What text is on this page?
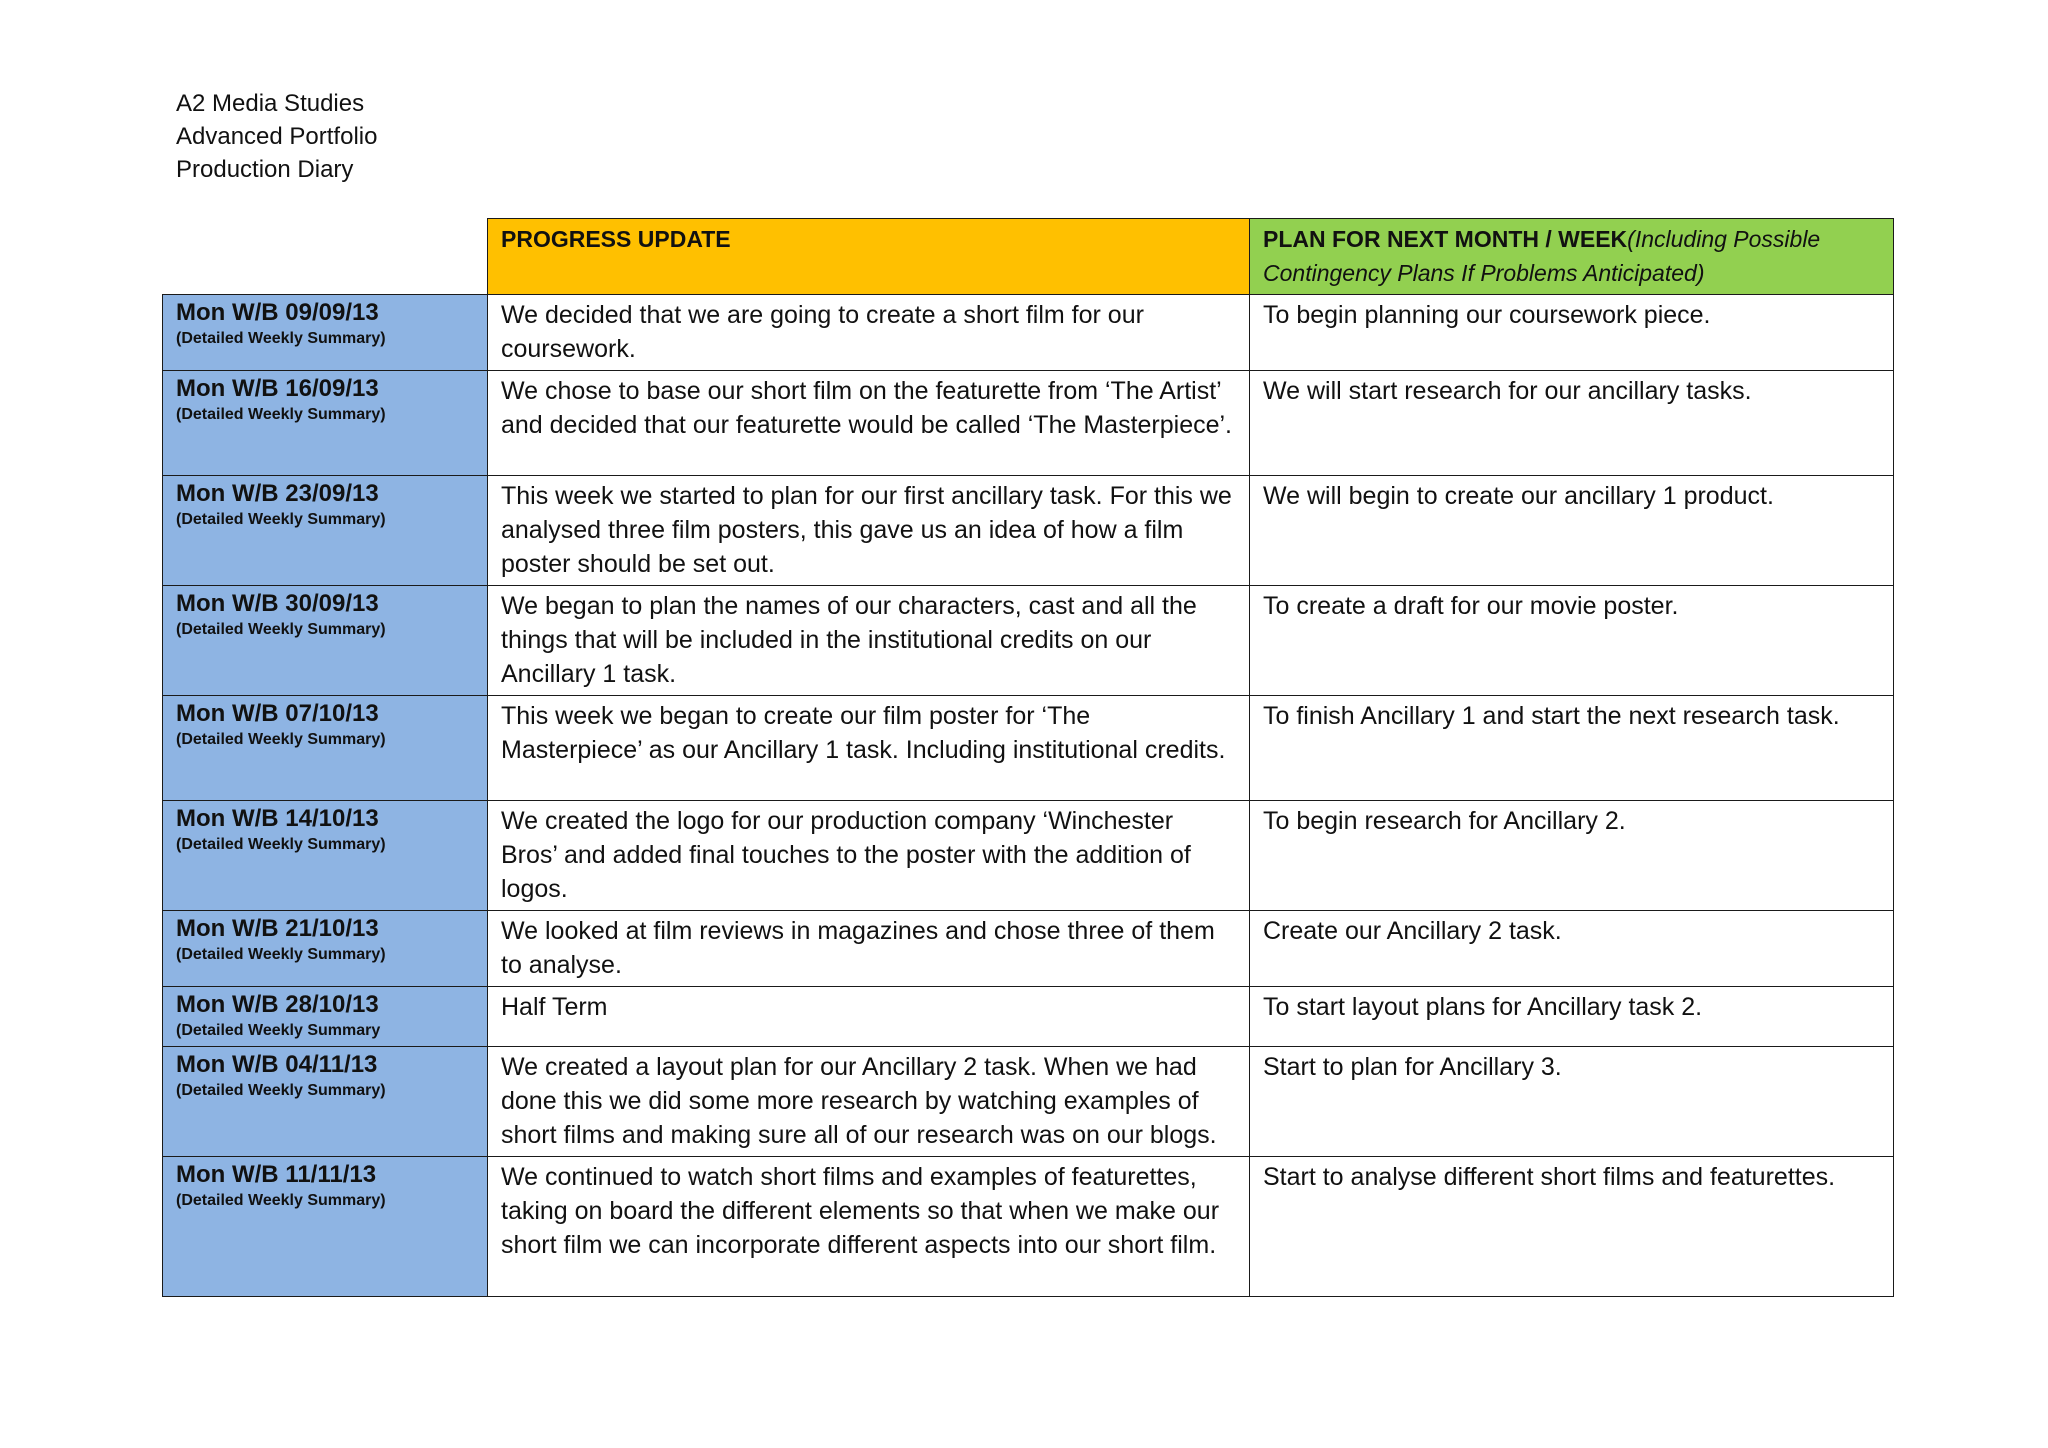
A2 Media Studies
Advanced Portfolio
Production Diary
	PROGRESS UPDATE	PLAN FOR NEXT MONTH / WEEK(Including Possible Contingency Plans If Problems Anticipated)

Mon W/B 09/09/13
(Detailed Weekly Summary)	We decided that we are going to create a short film for our coursework.	To begin planning our coursework piece.

Mon W/B 16/09/13
(Detailed Weekly Summary)	We chose to base our short film on the featurette from ‘The Artist’ and decided that our featurette would be called ‘The Masterpiece’.	We will start research for our ancillary tasks.

Mon W/B 23/09/13
(Detailed Weekly Summary)	This week we started to plan for our first ancillary task. For this we analysed three film posters, this gave us an idea of how a film poster should be set out.	We will begin to create our ancillary 1 product.

Mon W/B 30/09/13
(Detailed Weekly Summary)	We began to plan the names of our characters, cast and all the things that will be included in the institutional credits on our Ancillary 1 task.	To create a draft for our movie poster.

Mon W/B 07/10/13
(Detailed Weekly Summary)	This week we began to create our film poster for ‘The Masterpiece’ as our Ancillary 1 task. Including institutional credits.	To finish Ancillary 1 and start the next research task.

Mon W/B 14/10/13
(Detailed Weekly Summary)	We created the logo for our production company ‘Winchester Bros’ and added final touches to the poster with the addition of logos.	To begin research for Ancillary 2.

Mon W/B 21/10/13
(Detailed Weekly Summary)	We looked at film reviews in magazines and chose three of them to analyse.	Create our Ancillary 2 task.

Mon W/B 28/10/13
(Detailed Weekly Summary	Half Term	To start layout plans for Ancillary task 2.

Mon W/B 04/11/13
(Detailed Weekly Summary)	We created a layout plan for our Ancillary 2 task. When we had done this we did some more research by watching examples of short films and making sure all of our research was on our blogs.	Start to plan for Ancillary 3.

Mon W/B 11/11/13
(Detailed Weekly Summary)	We continued to watch short films and examples of featurettes, taking on board the different elements so that when we make our short film we can incorporate different aspects into our short film.	Start to analyse different short films and featurettes.
